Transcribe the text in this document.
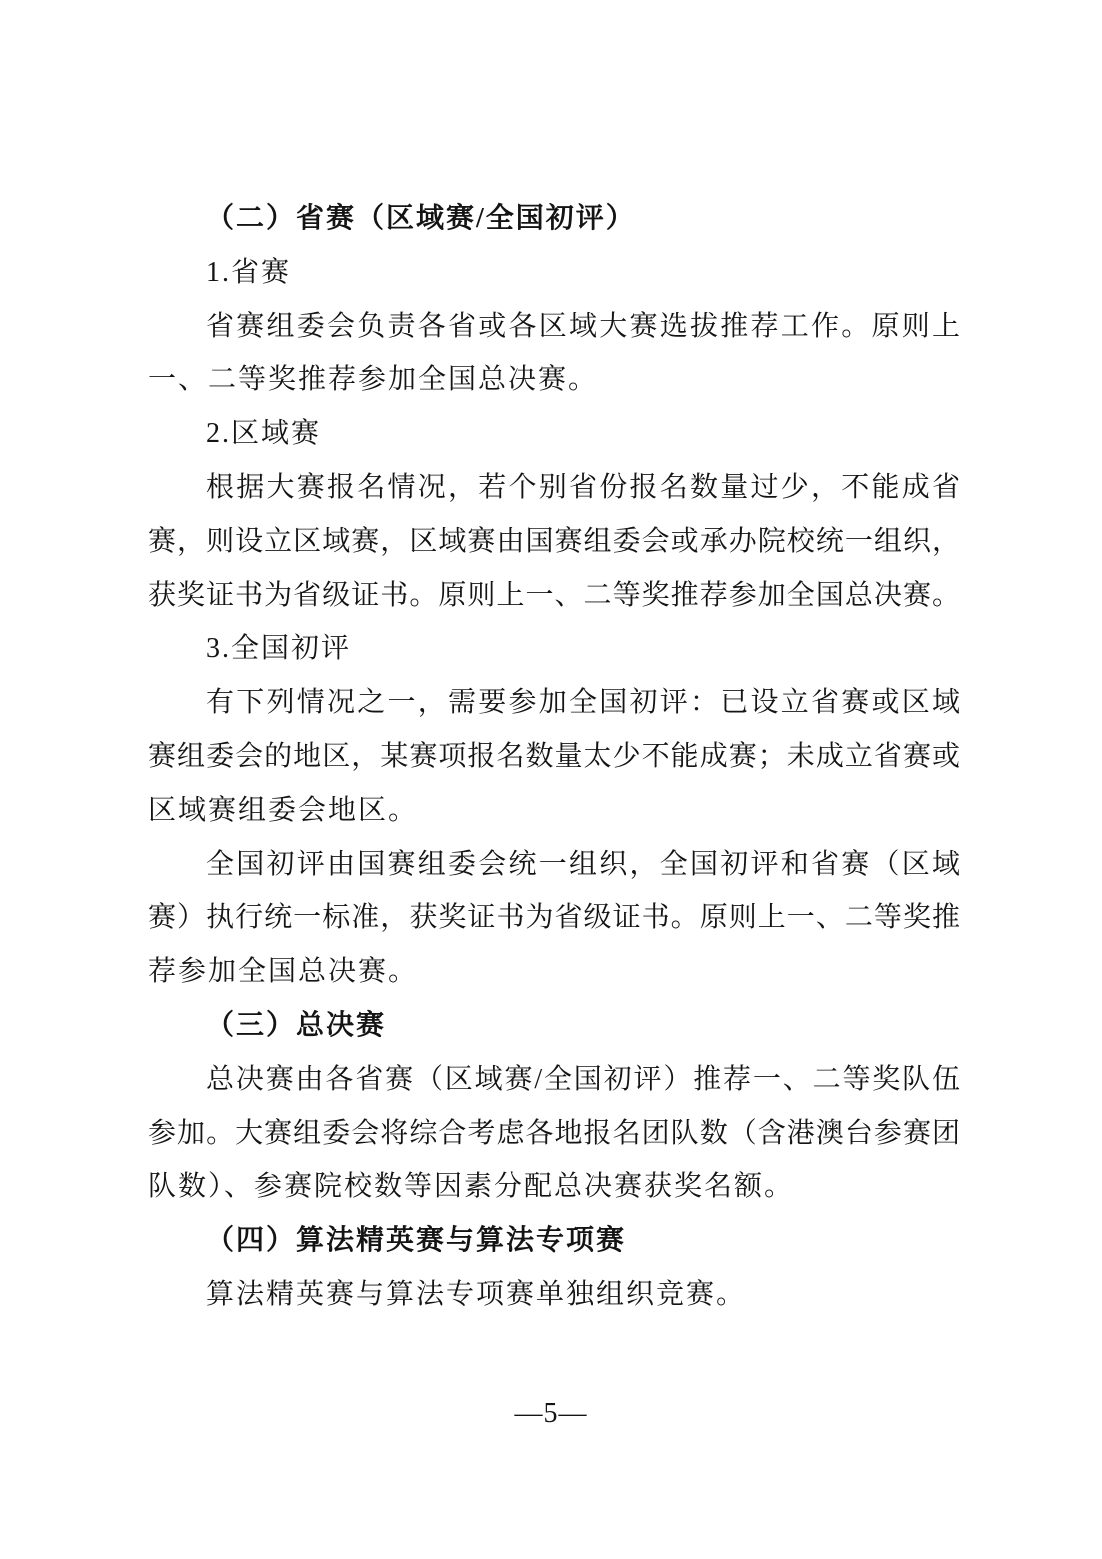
（二）省赛（区域赛/全国初评）
1.省赛
省赛组委会负责各省或各区域大赛选拔推荐工作。原则上
一、二等奖推荐参加全国总决赛。
2.区域赛
根据大赛报名情况，若个别省份报名数量过少，不能成省
赛，则设立区域赛，区域赛由国赛组委会或承办院校统一组织，
获奖证书为省级证书。原则上一、二等奖推荐参加全国总决赛。
3.全国初评
有下列情况之一，需要参加全国初评：已设立省赛或区域
赛组委会的地区，某赛项报名数量太少不能成赛；未成立省赛或
区域赛组委会地区。
全国初评由国赛组委会统一组织，全国初评和省赛（区域
赛）执行统一标准，获奖证书为省级证书。原则上一、二等奖推
荐参加全国总决赛。
（三）总决赛
总决赛由各省赛（区域赛/全国初评）推荐一、二等奖队伍
参加。大赛组委会将综合考虑各地报名团队数（含港澳台参赛团
队数）、参赛院校数等因素分配总决赛获奖名额。
（四）算法精英赛与算法专项赛
算法精英赛与算法专项赛单独组织竞赛。
—5—
